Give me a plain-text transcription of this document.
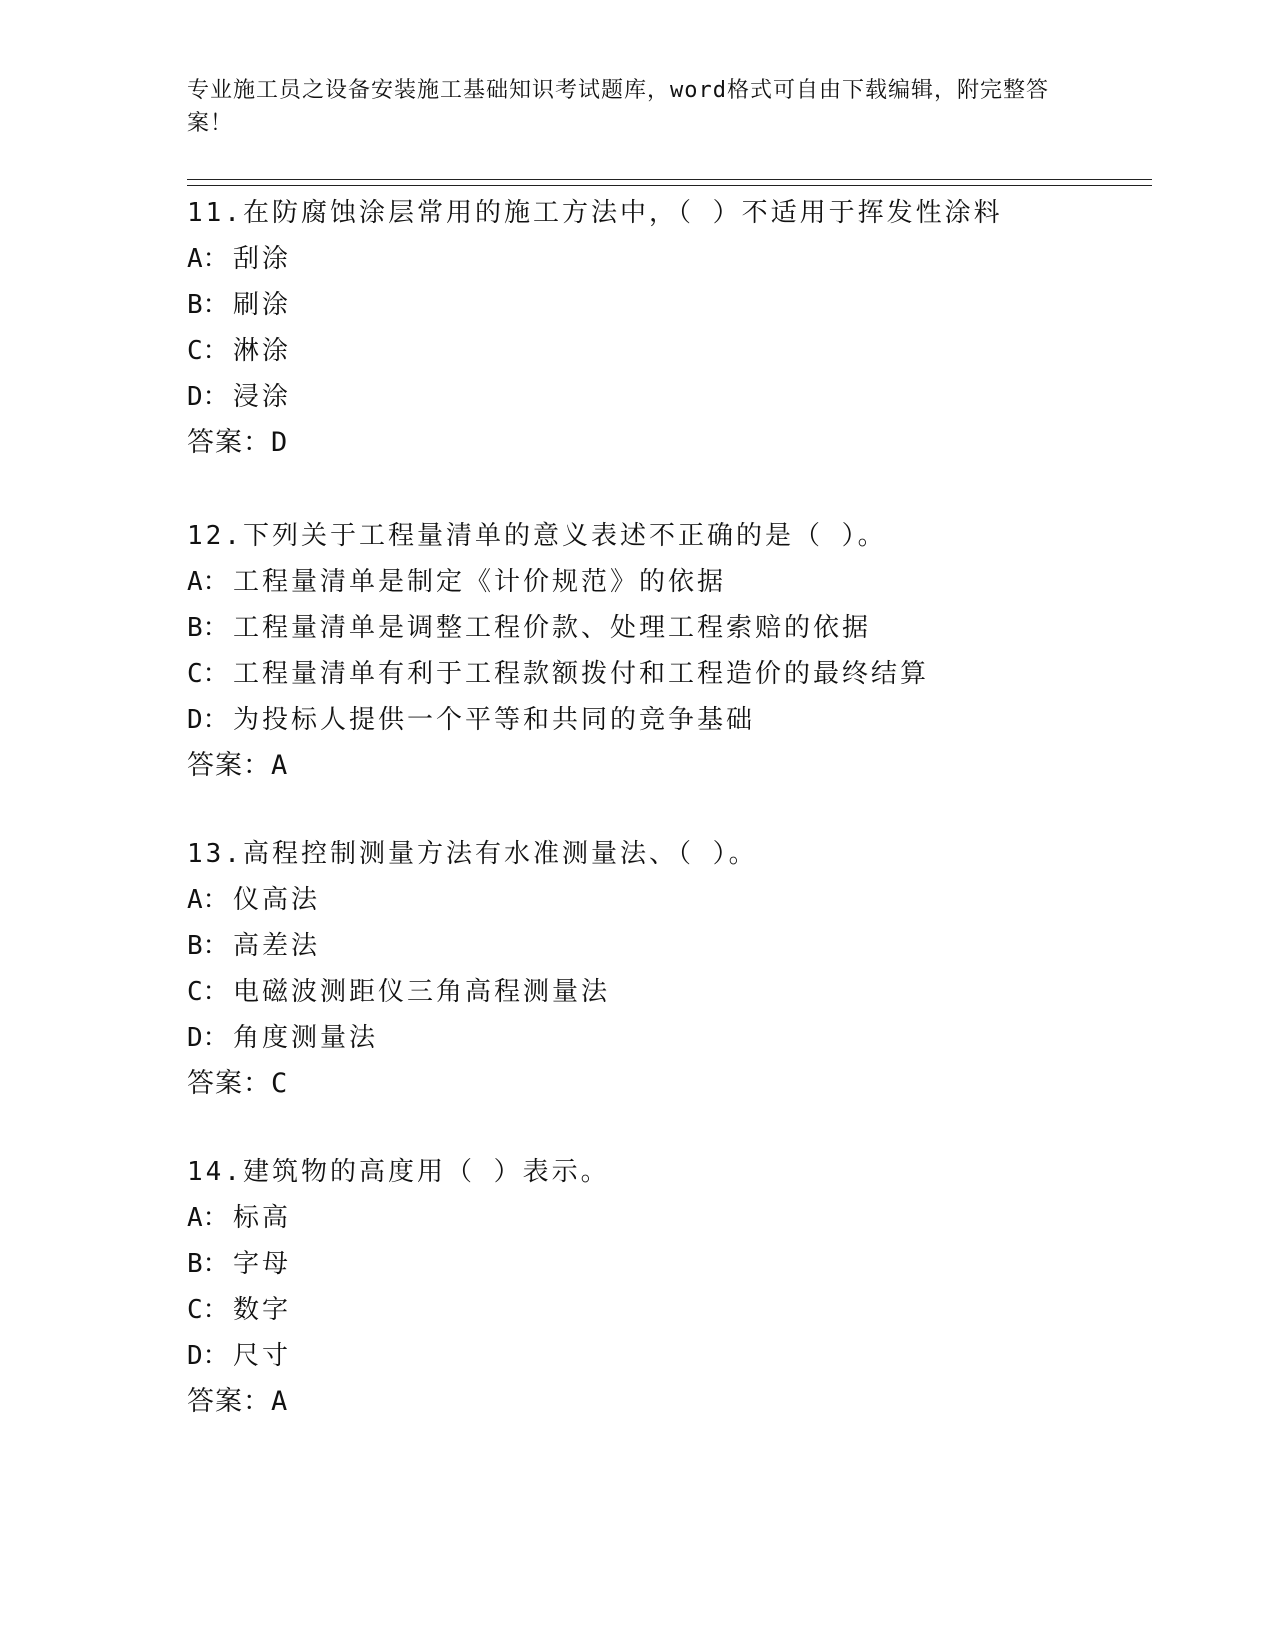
专业施工员之设备安装施工基础知识考试题库，word格式可自由下载编辑，附完整答案！

11.在防腐蚀涂层常用的施工方法中，（ ）不适用于挥发性涂料

A： 刮涂

B： 刷涂

C： 淋涂

D： 浸涂

答案：D

12.下列关于工程量清单的意义表述不正确的是（ ）。

A： 工程量清单是制定《计价规范》的依据

B： 工程量清单是调整工程价款、处理工程索赔的依据

C： 工程量清单有利于工程款额拨付和工程造价的最终结算

D： 为投标人提供一个平等和共同的竞争基础

答案：A

13.高程控制测量方法有水准测量法、（ ）。

A： 仪高法

B： 高差法

C： 电磁波测距仪三角高程测量法

D： 角度测量法

答案：C

14.建筑物的高度用（ ）表示。

A： 标高

B： 字母

C： 数字

D： 尺寸

答案：A
